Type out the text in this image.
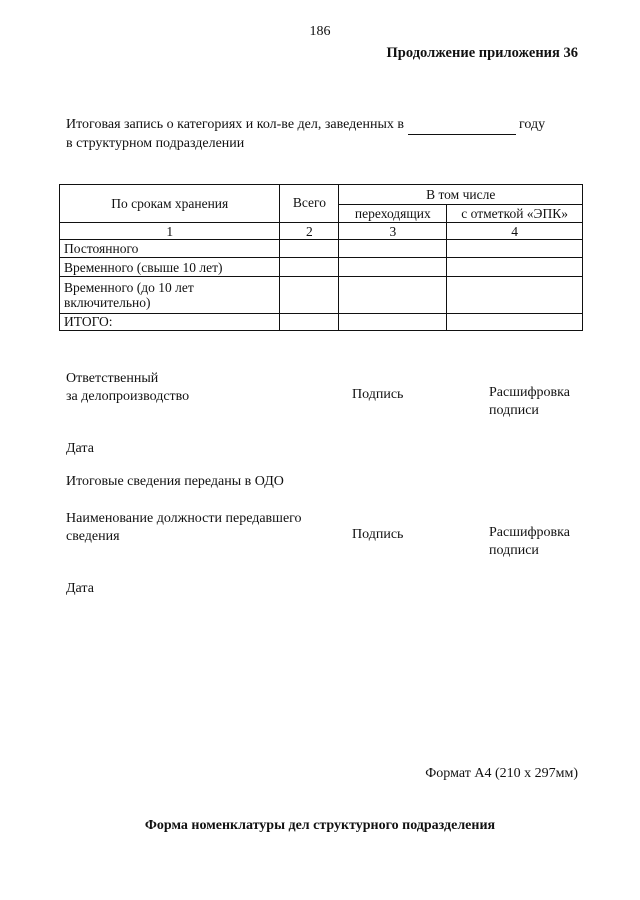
186
Продолжение приложения 36
Итоговая запись о категориях и кол-ве дел, заведенных в	году
в структурном подразделении
По срокам хранения	Всего	В том числе	
		переходящих	с отметкой «ЭПК»
1	2	3	4
Постоянного			
Временного (свыше 10 лет)			
Временного (до 10 лет
включительно)			
ИТОГО:			
Ответственный
за делопроизводство	Подпись	Расшифровка
подписи
Дата
Итоговые сведения переданы в ОДО
Наименование должности передавшего
сведения	Подпись	Расшифровка
подписи
Дата
Формат А4 (210 х 297мм)
Форма номенклатуры дел структурного подразделения
